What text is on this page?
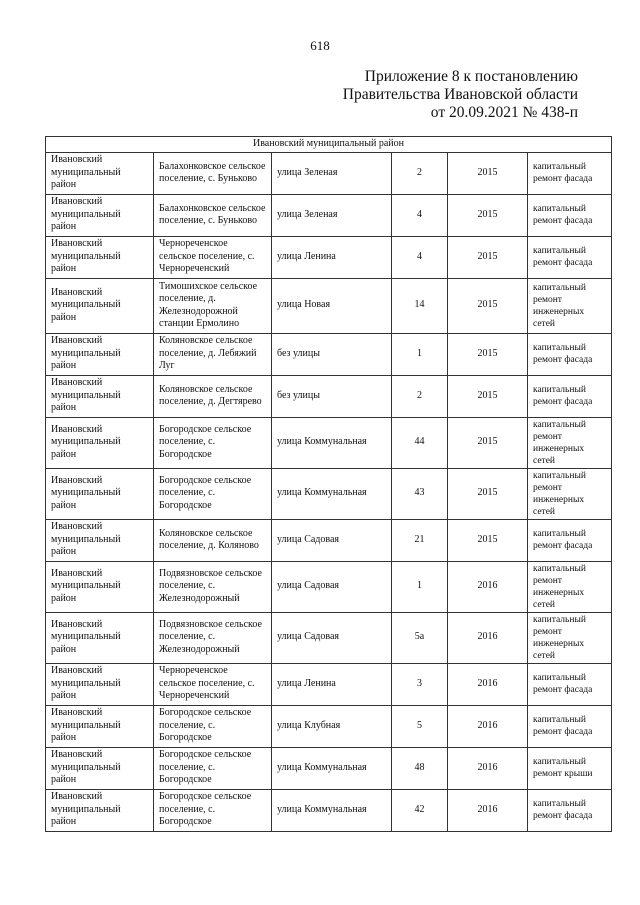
618
Приложение 8 к постановлению
Правительства Ивановской области
от 20.09.2021 № 438-п
Ивановский муниципальный район					
Ивановский муниципальный район	Балахонковское сельское поселение, с. Буньково	улица Зеленая	2	2015	капитальный ремонт фасада
Ивановский муниципальный район	Балахонковское сельское поселение, с. Буньково	улица Зеленая	4	2015	капитальный ремонт фасада
Ивановский муниципальный район	Чернореченское сельское поселение, с. Чернореченский	улица Ленина	4	2015	капитальный ремонт фасада
Ивановский муниципальный район	Тимошихское сельское поселение, д. Железнодорожной станции Ермолино	улица Новая	14	2015	капитальный ремонт инженерных сетей
Ивановский муниципальный район	Коляновское сельское поселение, д. Лебяжий Луг	без улицы	1	2015	капитальный ремонт фасада
Ивановский муниципальный район	Коляновское сельское поселение, д. Дегтярево	без улицы	2	2015	капитальный ремонт фасада
Ивановский муниципальный район	Богородское сельское поселение, с. Богородское	улица Коммунальная	44	2015	капитальный ремонт инженерных сетей
Ивановский муниципальный район	Богородское сельское поселение, с. Богородское	улица Коммунальная	43	2015	капитальный ремонт инженерных сетей
Ивановский муниципальный район	Коляновское сельское поселение, д. Коляново	улица Садовая	21	2015	капитальный ремонт фасада
Ивановский муниципальный район	Подвязновское сельское поселение, с. Железнодорожный	улица Садовая	1	2016	капитальный ремонт инженерных сетей
Ивановский муниципальный район	Подвязновское сельское поселение, с. Железнодорожный	улица Садовая	5а	2016	капитальный ремонт инженерных сетей
Ивановский муниципальный район	Чернореченское сельское поселение, с. Чернореченский	улица Ленина	3	2016	капитальный ремонт фасада
Ивановский муниципальный район	Богородское сельское поселение, с. Богородское	улица Клубная	5	2016	капитальный ремонт фасада
Ивановский муниципальный район	Богородское сельское поселение, с. Богородское	улица Коммунальная	48	2016	капитальный ремонт крыши
Ивановский муниципальный район	Богородское сельское поселение, с. Богородское	улица Коммунальная	42	2016	капитальный ремонт фасада
